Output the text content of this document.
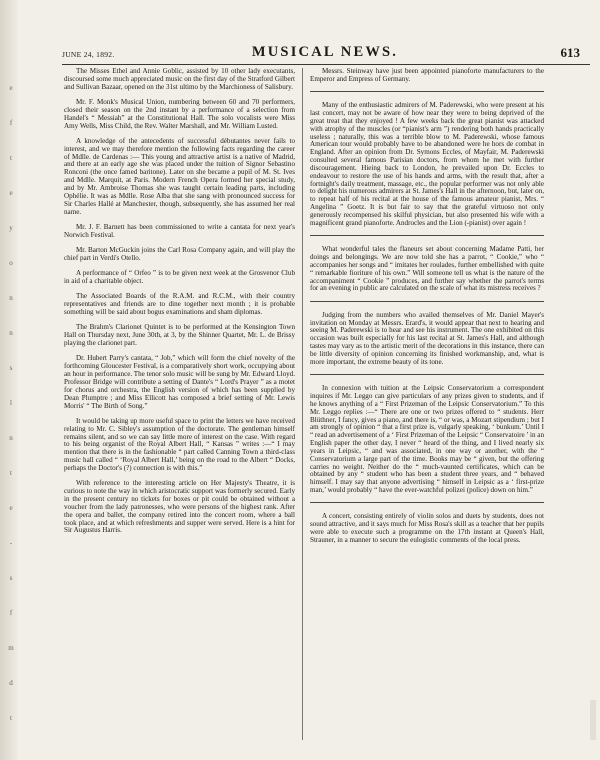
e
f
t
e
y
o
n
n
s
l
n
t
e
-
s
f
m
d
t
JUNE 24, 1892.	MUSICAL NEWS.	613

The Misses Ethel and Annie Goblic, assisted by 10 other lady executants, discoursed some much appreciated music on the first day of the Stratford Gilbert and Sullivan Bazaar, opened on the 31st ultimo by the Marchioness of Salisbury.

Mr. F. Monk's Musical Union, numbering between 60 and 70 performers, closed their season on the 2nd instant by a performance of a selection from Handel's “ Messiah” at the Constitutional Hall. The solo vocalists were Miss Amy Wells, Miss Child, the Rev. Walter Marshall, and Mr. William Lusted.

A knowledge of the antecedents of successful débutantes never fails to interest, and we may therefore mention the following facts regarding the career of Mdlle. de Cardenas :— This young and attractive artist is a native of Madrid, and there at an early age she was placed under the tuition of Signor Sebastino Ronconi (the once famed baritone). Later on she became a pupil of M. St. Ives and Mdlle. Marquit, at Paris. Modern French Opera formed her special study, and by Mr. Ambroise Thomas she was taught certain leading parts, including Ophélie. It was as Mdlle. Rose Alba that she sang with pronounced success for Sir Charles Hallé at Manchester, though, subsequently, she has assumed her real name.

Mr. J. F. Barnett has been commissioned to write a cantata for next year's Norwich Festival.

Mr. Barton McGuckin joins the Carl Rosa Company again, and will play the chief part in Verdi's Otello.

A performance of “ Orfeo ” is to be given next week at the Grosvenor Club in aid of a charitable object.

The Associated Boards of the R.A.M. and R.C.M., with their country representatives and friends are to dine together next month ; it is probable something will be said about bogus examinations and sham diplomas.

The Brahm's Clarionet Quintet is to be performed at the Kensington Town Hall on Thursday next, June 30th, at 3, by the Shinner Quartet, Mr. L. de Brissy playing the clarionet part.

Dr. Hubert Parry's cantata, “ Job,” which will form the chief novelty of the forthcoming Gloucester Festival, is a comparatively short work, occupying about an hour in performance. The tenor solo music will be sung by Mr. Edward Lloyd. Professor Bridge will contribute a setting of Dante's “ Lord's Prayer ” as a motet for chorus and orchestra, the English version of which has been supplied by Dean Plumptre ; and Miss Ellicott has composed a brief setting of Mr. Lewis Morris' “ The Birth of Song.”

It would be taking up more useful space to print the letters we have received relating to Mr. C. Sibley's assumption of the doctorate. The gentleman himself remains silent, and so we can say little more of interest on the case. With regard to his being organist of the Royal Albert Hall, “ Kansas ” writes :—“ I may mention that there is in the fashionable “ part called Canning Town a third-class music hall called “ ‘Royal Albert Hall,’ being on the road to the Albert “ Docks, perhaps the Doctor's (?) connection is with this.”

With reference to the interesting article on Her Majesty's Theatre, it is curious to note the way in which aristocratic support was formerly secured. Early in the present century no tickets for boxes or pit could be obtained without a voucher from the lady patronesses, who were persons of the highest rank. After the opera and ballet, the company retired into the concert room, where a ball took place, and at which refreshments and supper were served. Here is a hint for Sir Augustus Harris.

Messrs. Steinway have just been appointed pianoforte manufacturers to the Emperor and Empress of Germany.

Many of the enthusiastic admirers of M. Paderewski, who were present at his last concert, may not be aware of how near they were to being deprived of the great treat that they enjoyed ! A few weeks back the great pianist was attacked with atrophy of the muscles (or “pianist's arm ”) rendering both hands practically useless ; naturally, this was a terrible blow to M. Paderewski, whose famous American tour would probably have to be abandoned were he hors de combat in England. After an opinion from Dr. Symons Eccles, of Mayfair, M. Paderewski consulted several famous Parisian doctors, from whom he met with further discouragement. Hieing back to London, he prevailed upon Dr. Eccles to endeavour to restore the use of his hands and arms, with the result that, after a fortnight's daily treatment, massage, etc., the popular performer was not only able to delight his numerous admirers at St. James's Hall in the afternoon, but, later on, to repeat half of his recital at the house of the famous amateur pianist, Mrs. “ Angelina ” Goetz. It is but fair to say that the grateful virtuoso not only generously recompensed his skilful physician, but also presented his wife with a magnificent grand pianoforte. Androcles and the Lion (-pianist) over again !

What wonderful tales the flaneurs set about concerning Madame Patti, her doings and belongings. We are now told she has a parrot, “ Cookie,” who “ accompanies her songs and “ imitates her roulades, further embellished with quite “ remarkable fioriture of his own.” Will someone tell us what is the nature of the accompaniment “ Cookie ” produces, and further say whether the parrot's terms for an evening in public are calculated on the scale of what its mistress receives ?

Judging from the numbers who availed themselves of Mr. Daniel Mayer's invitation on Monday at Messrs. Erard's, it would appear that next to hearing and seeing M. Paderewski is to hear and see his instrument. The one exhibited on this occasion was built especially for his last recital at St. James's Hall, and although tastes may vary as to the artistic merit of the decorations in this instance, there can be little diversity of opinion concerning its finished workmanship, and, what is more important, the extreme beauty of its tone.

In connexion with tuition at the Leipsic Conservatorium a correspondent inquires if Mr. Leggo can give particulars of any prizes given to students, and if he knows anything of a “ First Prizeman of the Leipsic Conservatorium.” To this Mr. Leggo replies :—“ There are one or two prizes offered to “ students. Herr Blüthner, I fancy, gives a piano, and there is, “ or was, a Mozart stipendium ; but I am strongly of opinion “ that a first prize is, vulgarly speaking, ‘ bunkum.’ Until I “ read an advertisement of a ‘ First Prizeman of the Leipsic “ Conservatoire ’ in an English paper the other day, I never “ heard of the thing, and I lived nearly six years in Leipsic, “ and was associated, in one way or another, with the “ Conservatorium a large part of the time. Books may be “ given, but the offering carries no weight. Neither do the “ much-vaunted certificates, which can be obtained by any “ student who has been a student three years, and “ behaved himself. I may say that anyone advertising “ himself in Leipsic as a ‘ first-prize man,’ would probably “ have the ever-watchful polizei (police) down on him.”

A concert, consisting entirely of violin solos and duets by students, does not sound attractive, and it says much for Miss Rosa's skill as a teacher that her pupils were able to execute such a programme on the 17th instant at Queen's Hall, Strauner, in a manner to secure the eulogistic comments of the local press.
